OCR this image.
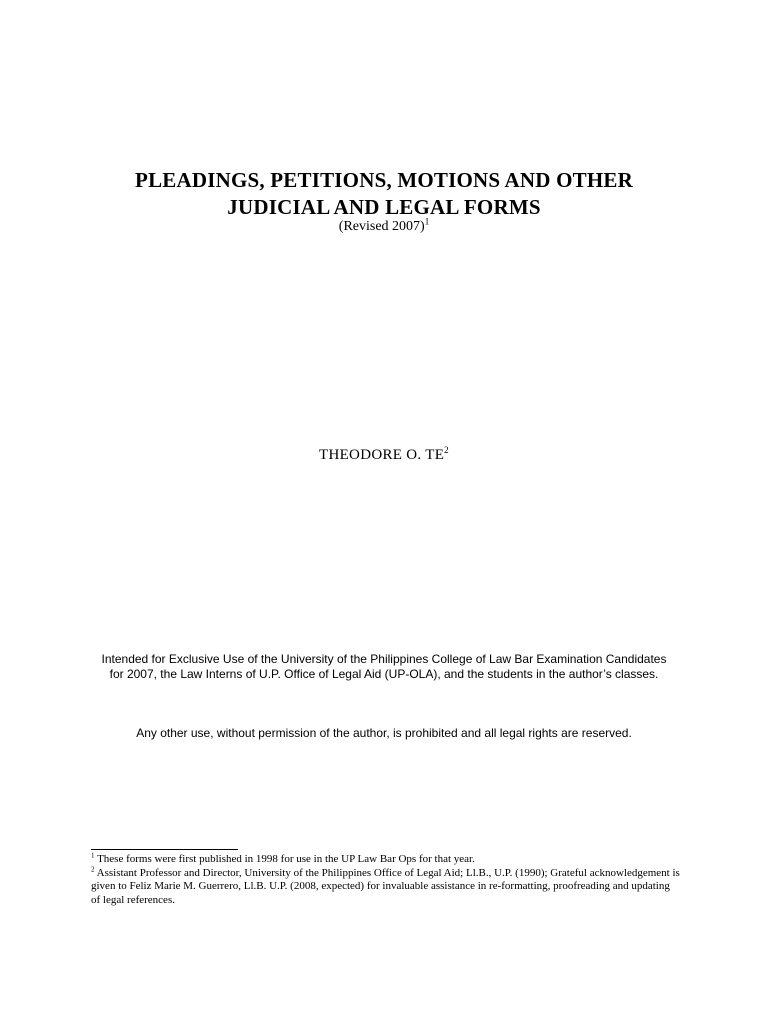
PLEADINGS, PETITIONS, MOTIONS AND OTHER
JUDICIAL AND LEGAL FORMS
(Revised 2007)$^1$
THEODORE O. $TE^2$
Intended for Exclusive Use of the University of the Philippines College of Law Bar Examination Candidates for 2007, the Law Interns of U.P. Office of Legal Aid (UP-OLA), and the students in the author’s classes.
Any other use, without permission of the author, is prohibited and all legal rights are reserved.

$^1$ These forms were first published in 1998 for use in the UP Law Bar Ops for that year.

$^2$ Assistant Professor and Director, University of the Philippines Office of Legal Aid; Ll.B., U.P. (1990); Grateful acknowledgement is given to Feliz Marie M. Guerrero, Ll.B. U.P. (2008, expected) for invaluable assistance in re-formatting, proofreading and updating of legal references.
